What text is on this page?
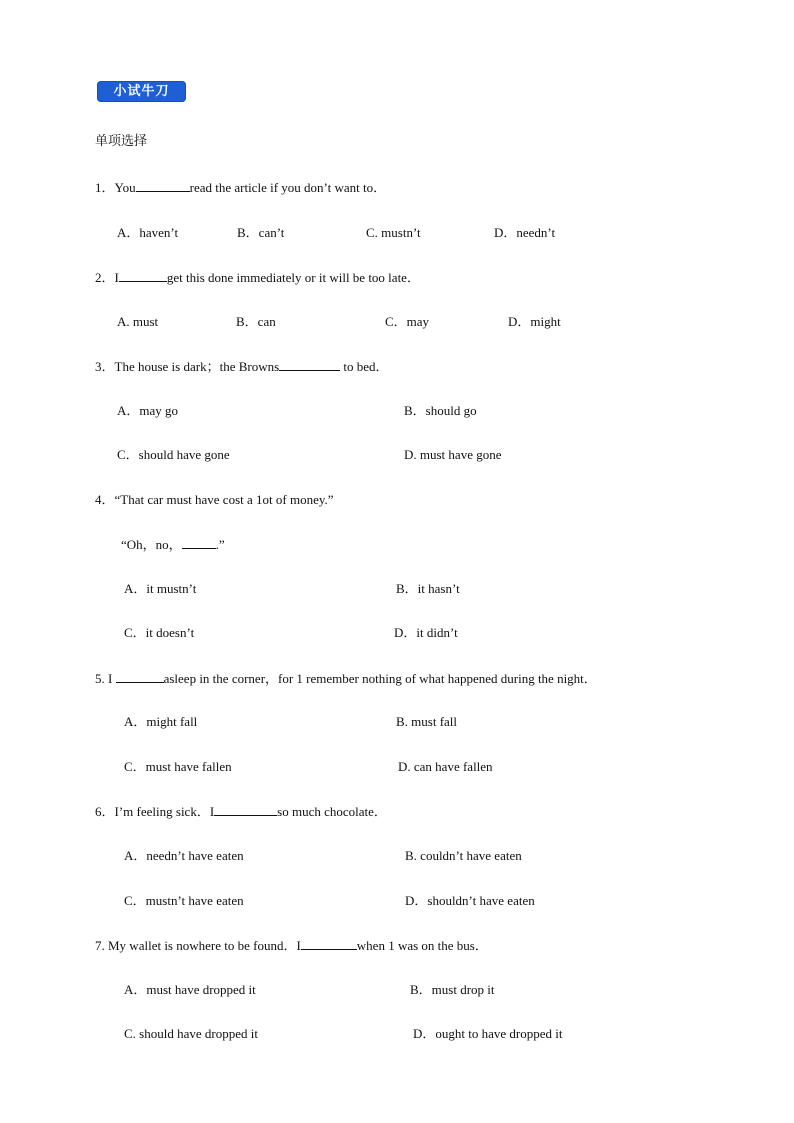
小试牛刀
单项选择
1．You	read the article if you don’t want to．
A．haven’t	B．can’t	C. mustn’t	D．needn’t
2．I	get this done immediately or it will be too late．
A. must	B．can	C．may	D．might
3．The house is dark；the Browns	to bed．
A．may go	B．should go
C．should have gone	D. must have gone
4．“That car must have cost a 1ot of money.”
“Oh，no，	.”
A．it mustn’t	B．it hasn’t
C．it doesn’t	D．it didn’t
5. I	asleep in the corner，for 1 remember nothing of what happened during the night．
A．might fall	B. must fall
C．must have fallen	D. can have fallen
6．I’m feeling sick．I	so much chocolate．
A．needn’t have eaten	B. couldn’t have eaten
C．mustn’t have eaten	D．shouldn’t have eaten
7. My wallet is nowhere to be found．I	when 1 was on the bus．
A．must have dropped it	B．must drop it
C. should have dropped it	D．ought to have dropped it
